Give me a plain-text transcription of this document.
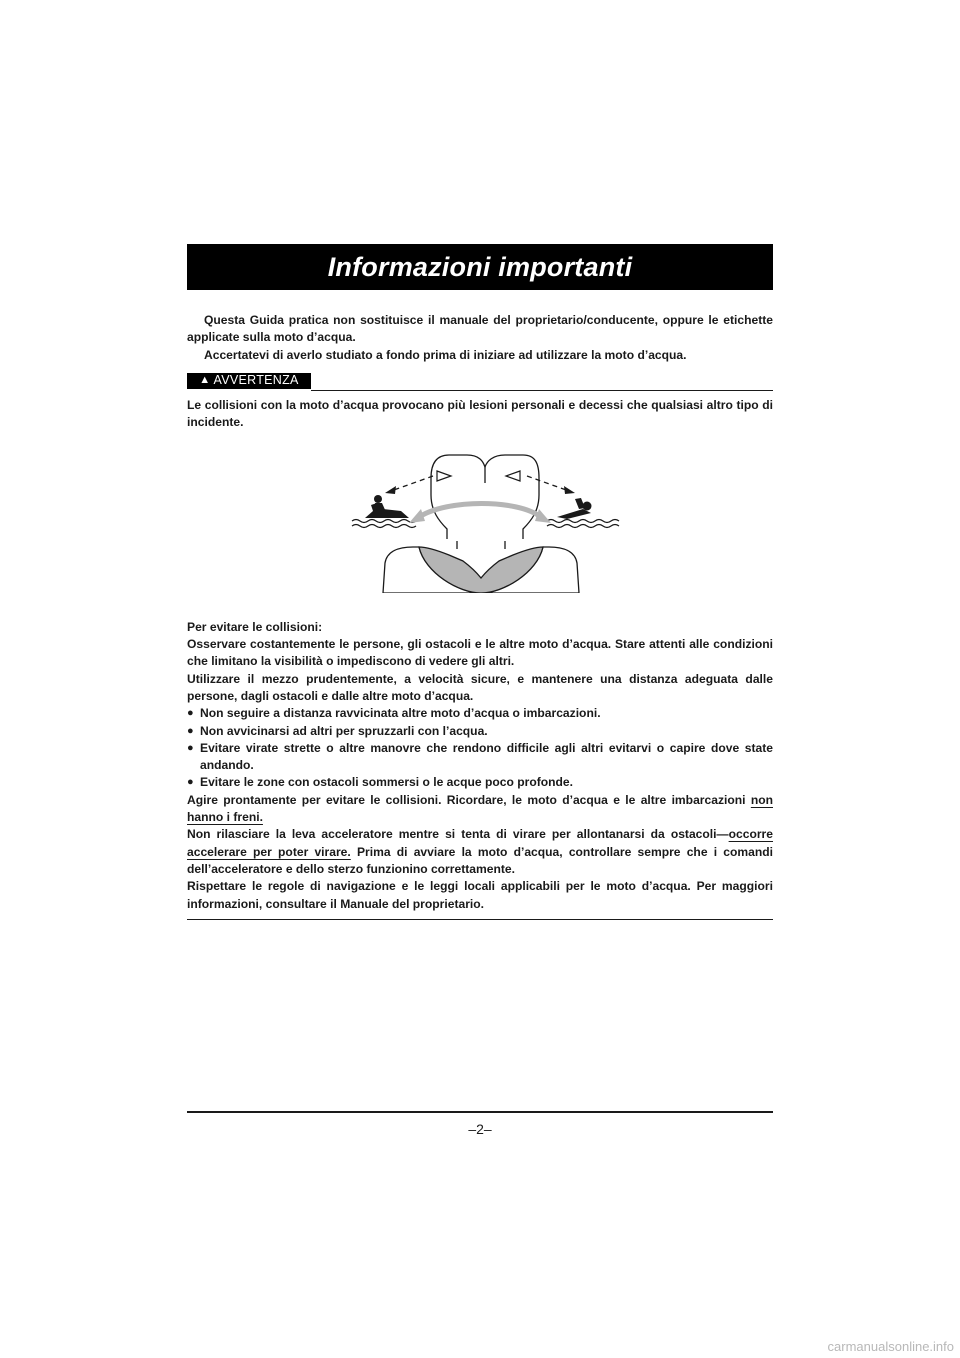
Informazioni importanti

Questa Guida pratica non sostituisce il manuale del proprietario/conducente, oppure le etichette applicate sulla moto d’acqua.

Accertatevi di averlo studiato a fondo prima di iniziare ad utilizzare la moto d’acqua.

▲ AVVERTENZA

Le collisioni con la moto d’acqua provocano più lesioni personali e decessi che qualsiasi altro tipo di incidente.

Per evitare le collisioni:

Osservare costantemente le persone, gli ostacoli e le altre moto d’acqua. Stare attenti alle condizioni che limitano la visibilità o impediscono di vedere gli altri.

Utilizzare il mezzo prudentemente, a velocità sicure, e mantenere una distanza adeguata dalle persone, dagli ostacoli e dalle altre moto d’acqua.

● Non seguire a distanza ravvicinata altre moto d’acqua o imbarcazioni.
● Non avvicinarsi ad altri per spruzzarli con l’acqua.
● Evitare virate strette o altre manovre che rendono difficile agli altri evitarvi o capire dove state andando.
● Evitare le zone con ostacoli sommersi o le acque poco profonde.

Agire prontamente per evitare le collisioni. Ricordare, le moto d’acqua e le altre imbarcazioni non hanno i freni.

Non rilasciare la leva acceleratore mentre si tenta di virare per allontanarsi da ostacoli—occorre accelerare per poter virare. Prima di avviare la moto d’acqua, controllare sempre che i comandi dell’acceleratore e dello sterzo funzionino correttamente.

Rispettare le regole di navigazione e le leggi locali applicabili per le moto d’acqua. Per maggiori informazioni, consultare il Manuale del proprietario.

–2–
carmanualsonline.info
